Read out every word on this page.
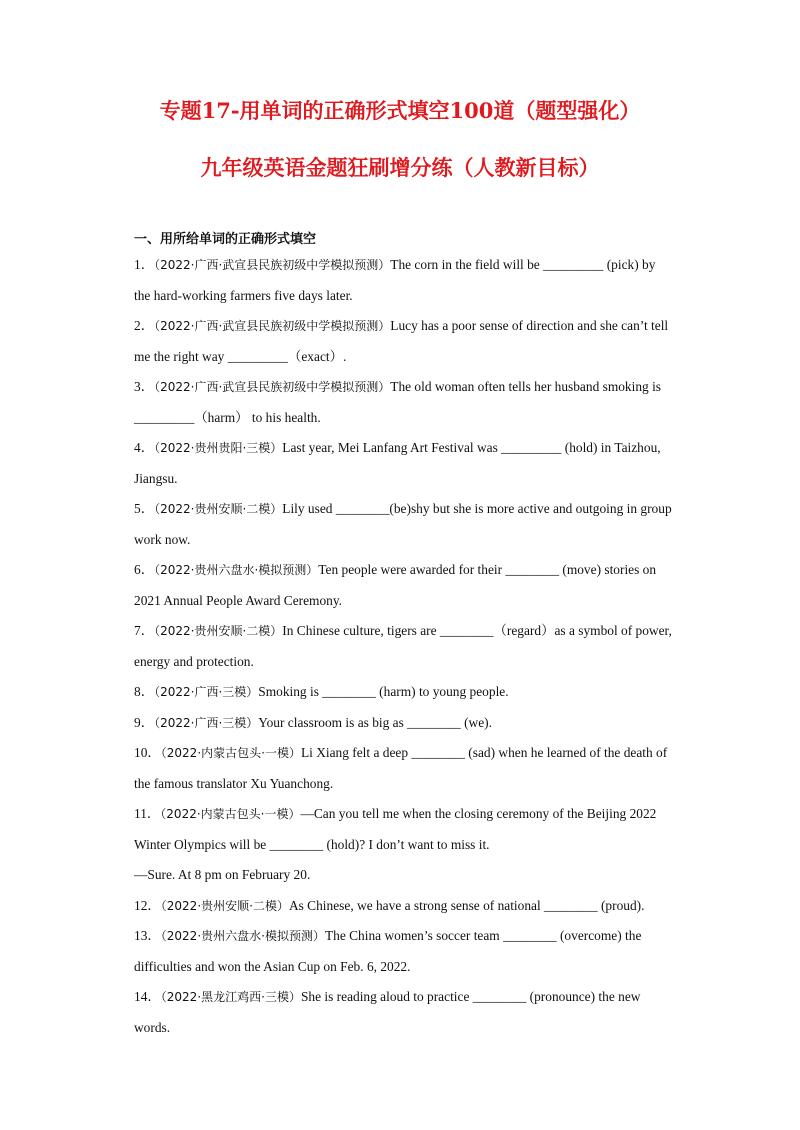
专题17-用单词的正确形式填空100道（题型强化）
九年级英语金题狂刷增分练（人教新目标）

一、用所给单词的正确形式填空

1．（2022·广西·武宣县民族初级中学模拟预测）The corn in the field will be _________ (pick) by the hard-working farmers five days later.

2．（2022·广西·武宣县民族初级中学模拟预测）Lucy has a poor sense of direction and she can’t tell me the right way _________（exact）.

3．（2022·广西·武宣县民族初级中学模拟预测）The old woman often tells her husband smoking is _________（harm） to his health.

4．（2022·贵州贵阳·三模）Last year, Mei Lanfang Art Festival was _________ (hold) in Taizhou, Jiangsu.

5．（2022·贵州安顺·二模）Lily used ________(be)shy but she is more active and outgoing in group work now.

6．（2022·贵州六盘水·模拟预测）Ten people were awarded for their ________ (move) stories on 2021 Annual People Award Ceremony.

7．（2022·贵州安顺·二模）In Chinese culture, tigers are ________（regard）as a symbol of power, energy and protection.

8．（2022·广西·三模）Smoking is ________ (harm) to young people.

9．（2022·广西·三模）Your classroom is as big as ________ (we).

10．（2022·内蒙古包头·一模）Li Xiang felt a deep ________ (sad) when he learned of the death of the famous translator Xu Yuanchong.

11．（2022·内蒙古包头·一模）—Can you tell me when the closing ceremony of the Beijing 2022 Winter Olympics will be ________ (hold)? I don’t want to miss it.

—Sure. At 8 pm on February 20.

12．（2022·贵州安顺·二模）As Chinese, we have a strong sense of national ________ (proud).

13．（2022·贵州六盘水·模拟预测）The China women’s soccer team ________ (overcome) the difficulties and won the Asian Cup on Feb. 6, 2022.

14．（2022·黑龙江鸡西·三模）She is reading aloud to practice ________ (pronounce) the new words.
